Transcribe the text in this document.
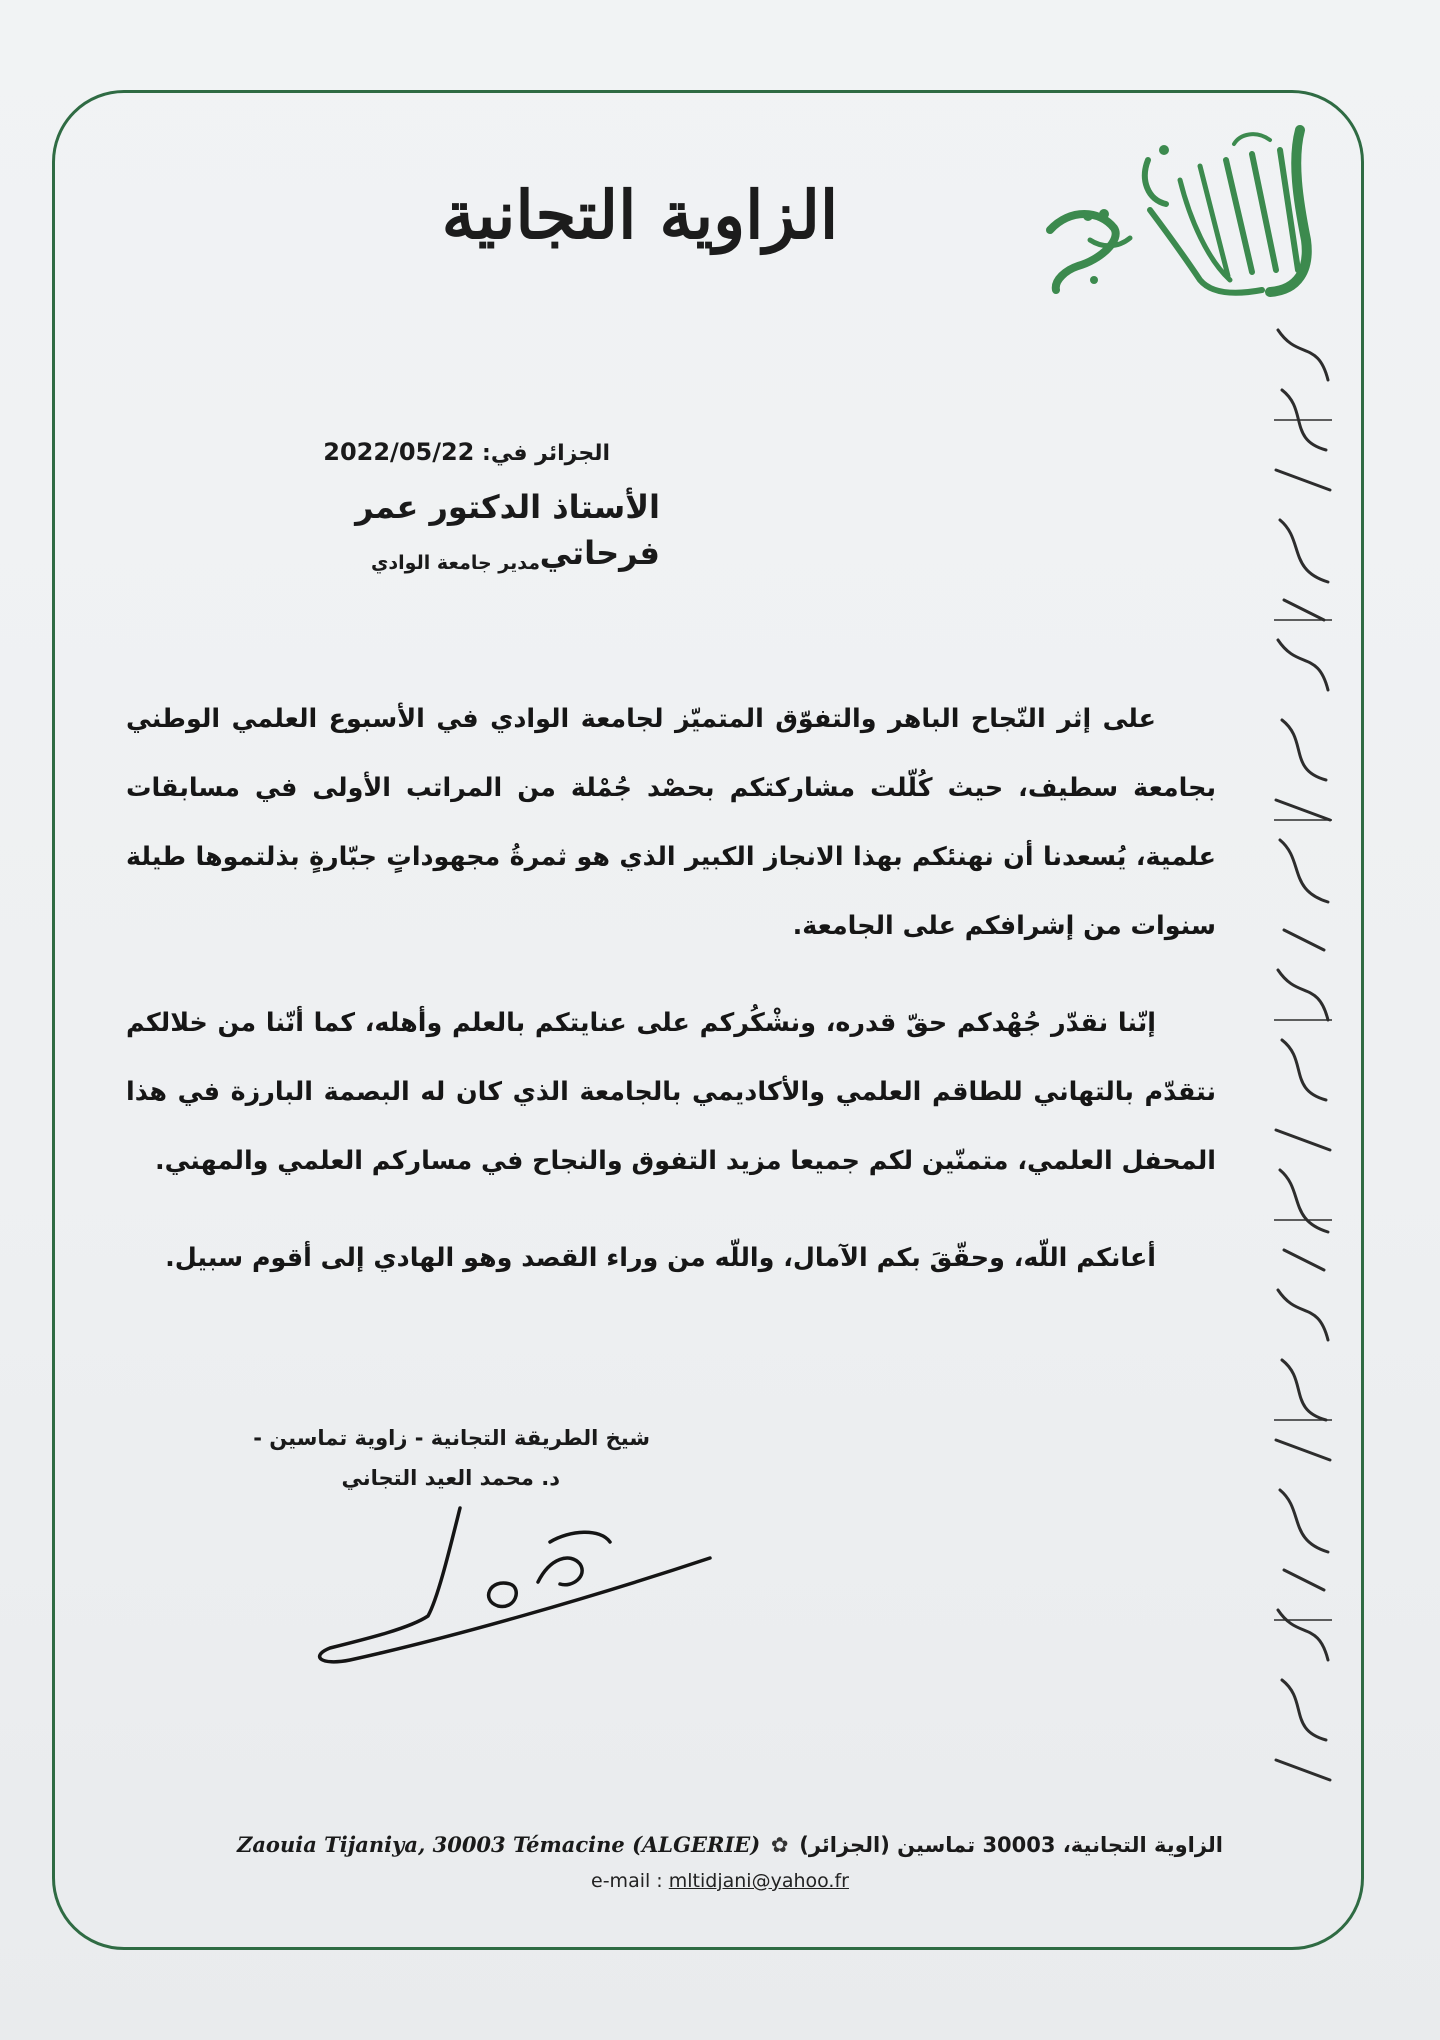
الزاوية التجانية
الجزائر في: 2022/05/22
الأستاذ الدكتور عمر فرحاتي
مدير جامعة الوادي

على إثر النّجاح الباهر والتفوّق المتميّز لجامعة الوادي في الأسبوع العلمي الوطني بجامعة سطيف، حيث كُلّلت مشاركتكم بحصْد جُمْلة من المراتب الأولى في مسابقات علمية، يُسعدنا أن نهنئكم بهذا الانجاز الكبير الذي هو ثمرةُ مجهوداتٍ جبّارةٍ بذلتموها طيلة سنوات من إشرافكم على الجامعة.

إنّنا نقدّر جُهْدكم حقّ قدره، ونشْكُركم على عنايتكم بالعلم وأهله، كما أنّنا من خلالكم نتقدّم بالتهاني للطاقم العلمي والأكاديمي بالجامعة الذي كان له البصمة البارزة في هذا المحفل العلمي، متمنّين لكم جميعا مزيد التفوق والنجاح في مساركم العلمي والمهني.

أعانكم اللّه، وحقّقَ بكم الآمال، واللّه من وراء القصد وهو الهادي إلى أقوم سبيل.

شيخ الطريقة التجانية - زاوية تماسين -
د. محمد العيد التجاني
Zaouia Tijaniya, 30003 Témacine (ALGERIE) ✿ الزاوية التجانية، 30003 تماسين (الجزائر)
e-mail : mltidjani@yahoo.fr
